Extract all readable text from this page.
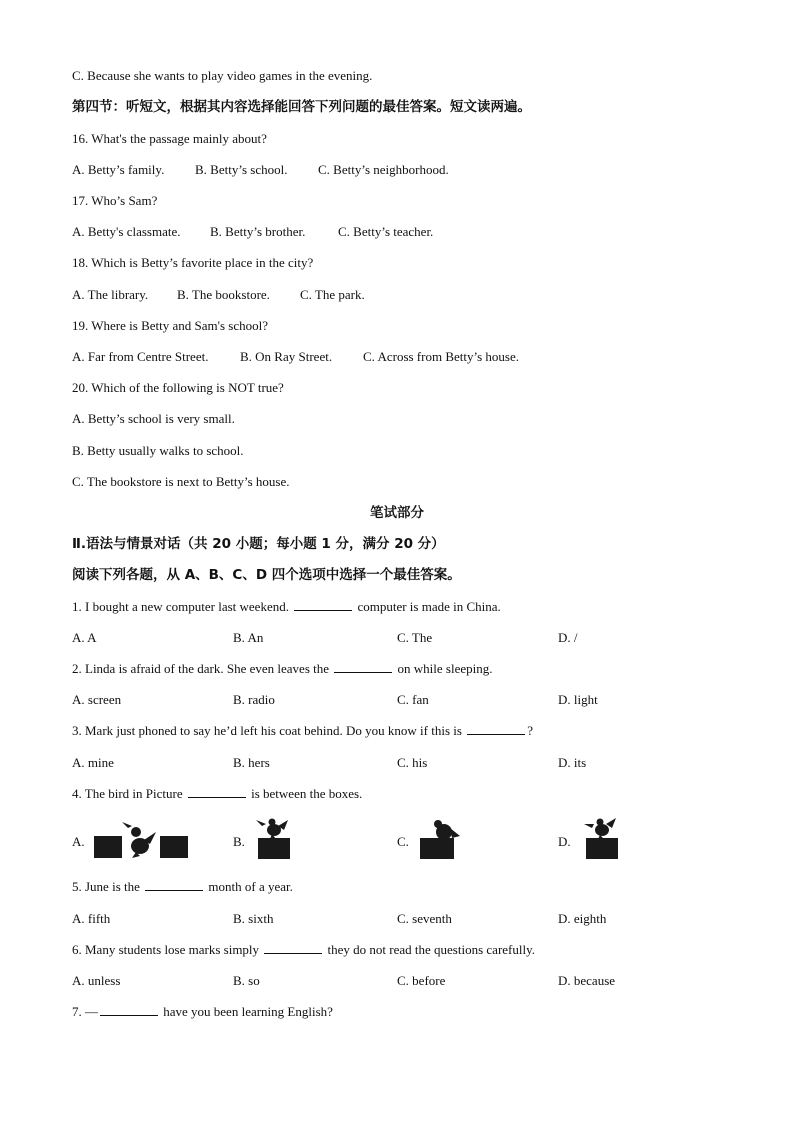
C. Because she wants to play video games in the evening.
第四节：听短文，根据其内容选择能回答下列问题的最佳答案。短文读两遍。
16. What's the passage mainly about?
A. Betty’s family. B. Betty’s school. C. Betty’s neighborhood.
17. Who’s Sam?
A. Betty's classmate. B. Betty’s brother.	C. Betty’s teacher.
18. Which is Betty’s favorite place in the city?
A. The library. B. The bookstore. C. The park.
19. Where is Betty and Sam's school?
A. Far from Centre Street. B. On Ray Street. C. Across from Betty’s house.
20. Which of the following is NOT true?
A. Betty’s school is very small.
B. Betty usually walks to school.
C. The bookstore is next to Betty’s house.
笔试部分
Ⅱ.语法与情景对话（共 20 小题；每小题 1 分，满分 20 分）
阅读下列各题，从 A、B、C、D 四个选项中选择一个最佳答案。
1. I bought a new computer last weekend.	computer is made in China.
A. A	B. An	C. The	D. /
2. Linda is afraid of the dark. She even leaves the	on while sleeping.
A. screen	B. radio	C. fan	D. light
3. Mark just phoned to say he’d left his coat behind. Do you know if this is	?
A. mine	B. hers	C. his	D. its
4. The bird in Picture	is between the boxes.
A.	B.	C.	D.
5. June is the	month of a year.
A. fifth	B. sixth	C. seventh	D. eighth
6. Many students lose marks simply	they do not read the questions carefully.
A. unless	B. so	C. before	D. because
7. —	have you been learning English?
